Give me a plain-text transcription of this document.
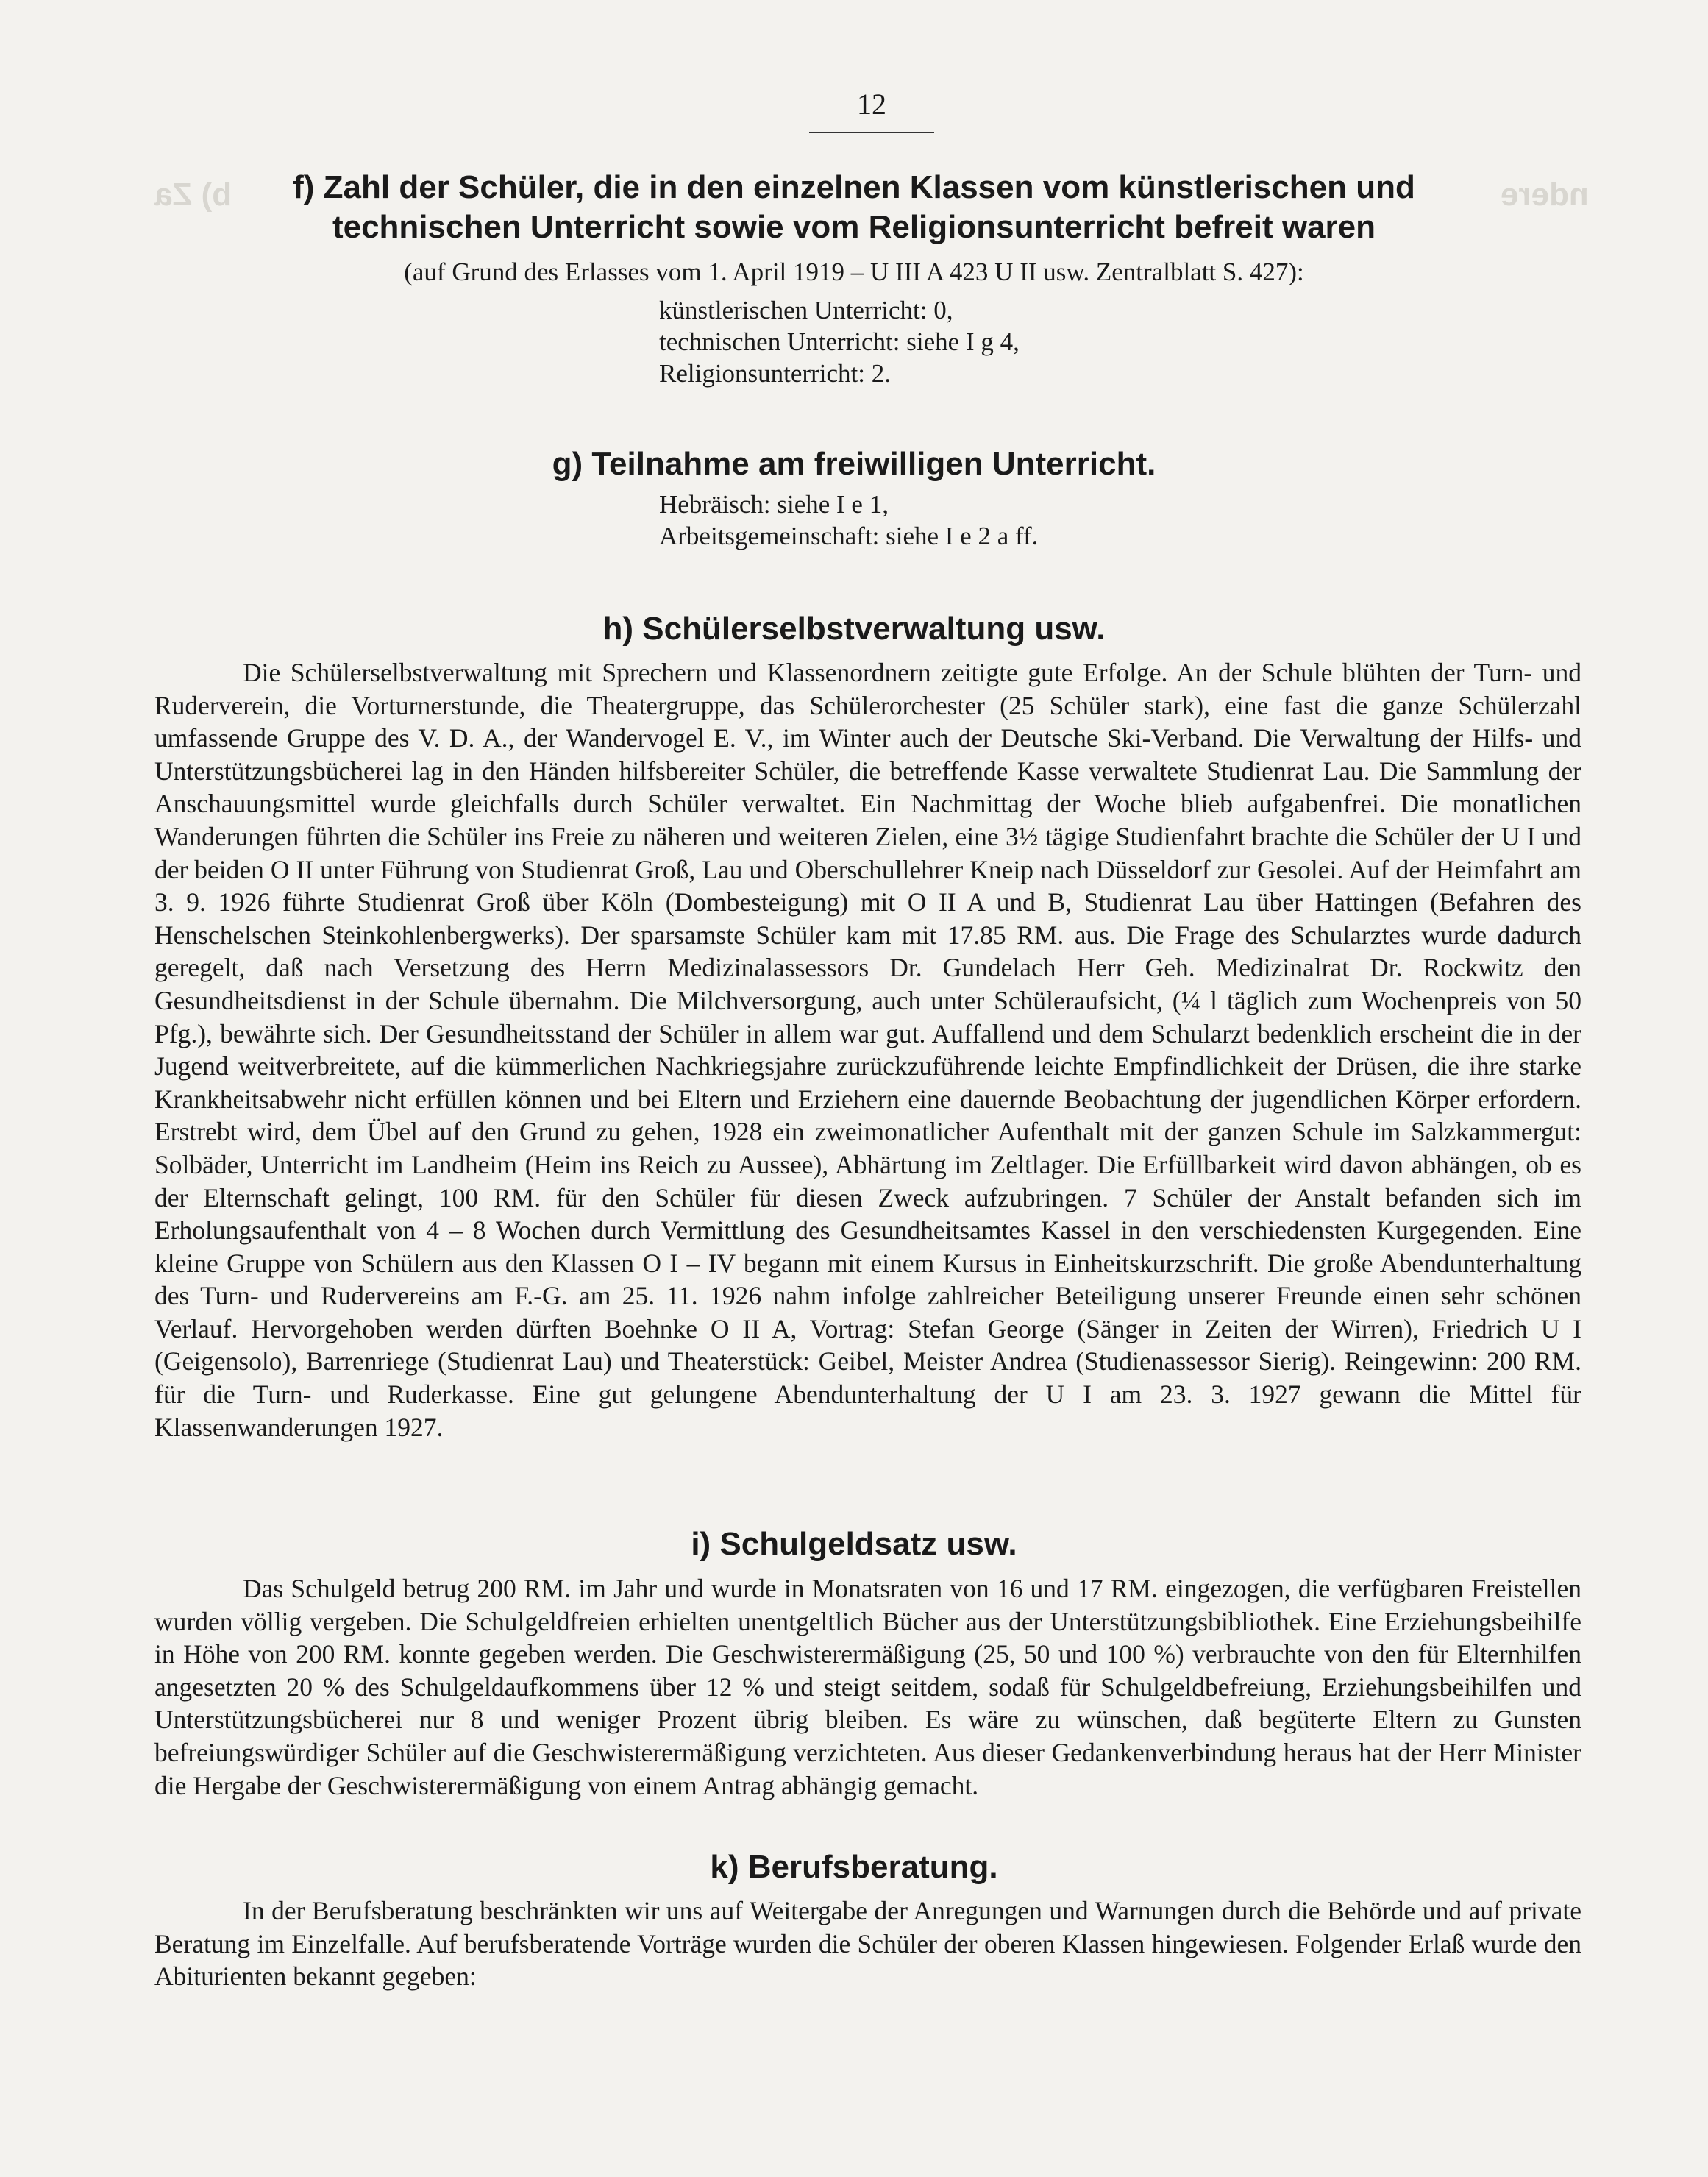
b) Za	ndere
12
f) Zahl der Schüler, die in den einzelnen Klassen vom künstlerischen und
technischen Unterricht sowie vom Religionsunterricht befreit waren
(auf Grund des Erlasses vom 1. April 1919 – U III A 423 U II usw. Zentralblatt S. 427):
künstlerischen Unterricht: 0,
technischen Unterricht: siehe I g 4,
Religionsunterricht: 2.
g) Teilnahme am freiwilligen Unterricht.
Hebräisch: siehe I e 1,
Arbeitsgemeinschaft: siehe I e 2 a ff.
h) Schülerselbstverwaltung usw.

Die Schülerselbstverwaltung mit Sprechern und Klassenordnern zeitigte gute Erfolge. An der Schule blühten der Turn- und Ruderverein, die Vorturnerstunde, die Theatergruppe, das Schülerorchester (25 Schüler stark), eine fast die ganze Schülerzahl umfassende Gruppe des V. D. A., der Wandervogel E. V., im Winter auch der Deutsche Ski-Verband. Die Verwaltung der Hilfs- und Unterstützungsbücherei lag in den Händen hilfsbereiter Schüler, die betreffende Kasse verwaltete Studienrat Lau. Die Sammlung der Anschauungsmittel wurde gleichfalls durch Schüler verwaltet. Ein Nachmittag der Woche blieb aufgabenfrei. Die monatlichen Wanderungen führten die Schüler ins Freie zu näheren und weiteren Zielen, eine 3½ tägige Studienfahrt brachte die Schüler der U I und der beiden O II unter Führung von Studienrat Groß, Lau und Oberschullehrer Kneip nach Düsseldorf zur Gesolei. Auf der Heimfahrt am 3. 9. 1926 führte Studienrat Groß über Köln (Dombesteigung) mit O II A und B, Studienrat Lau über Hattingen (Befahren des Henschelschen Steinkohlenbergwerks). Der sparsamste Schüler kam mit 17.85 RM. aus. Die Frage des Schularztes wurde dadurch geregelt, daß nach Versetzung des Herrn Medizinalassessors Dr. Gundelach Herr Geh. Medizinalrat Dr. Rockwitz den Gesundheitsdienst in der Schule übernahm. Die Milchversorgung, auch unter Schüleraufsicht, (¼ l täglich zum Wochenpreis von 50 Pfg.), bewährte sich. Der Gesundheitsstand der Schüler in allem war gut. Auffallend und dem Schularzt bedenklich erscheint die in der Jugend weitverbreitete, auf die kümmerlichen Nachkriegsjahre zurückzuführende leichte Empfindlichkeit der Drüsen, die ihre starke Krankheitsabwehr nicht erfüllen können und bei Eltern und Erziehern eine dauernde Beobachtung der jugendlichen Körper erfordern. Erstrebt wird, dem Übel auf den Grund zu gehen, 1928 ein zweimonatlicher Aufenthalt mit der ganzen Schule im Salzkammergut: Solbäder, Unterricht im Landheim (Heim ins Reich zu Aussee), Abhärtung im Zeltlager. Die Erfüllbarkeit wird davon abhängen, ob es der Elternschaft gelingt, 100 RM. für den Schüler für diesen Zweck aufzubringen. 7 Schüler der Anstalt befanden sich im Erholungsaufenthalt von 4 – 8 Wochen durch Vermittlung des Gesundheitsamtes Kassel in den verschiedensten Kurgegenden. Eine kleine Gruppe von Schülern aus den Klassen O I – IV begann mit einem Kursus in Einheitskurzschrift. Die große Abendunterhaltung des Turn- und Rudervereins am F.-G. am 25. 11. 1926 nahm infolge zahlreicher Beteiligung unserer Freunde einen sehr schönen Verlauf. Hervorgehoben werden dürften Boehnke O II A, Vortrag: Stefan George (Sänger in Zeiten der Wirren), Friedrich U I (Geigensolo), Barrenriege (Studienrat Lau) und Theaterstück: Geibel, Meister Andrea (Studienassessor Sierig). Reingewinn: 200 RM. für die Turn- und Ruderkasse. Eine gut gelungene Abendunterhaltung der U I am 23. 3. 1927 gewann die Mittel für Klassenwanderungen 1927.

i) Schulgeldsatz usw.

Das Schulgeld betrug 200 RM. im Jahr und wurde in Monatsraten von 16 und 17 RM. eingezogen, die verfügbaren Freistellen wurden völlig vergeben. Die Schulgeldfreien erhielten unentgeltlich Bücher aus der Unterstützungsbibliothek. Eine Erziehungsbeihilfe in Höhe von 200 RM. konnte gegeben werden. Die Geschwisterermäßigung (25, 50 und 100 %) verbrauchte von den für Elternhilfen angesetzten 20 % des Schulgeldaufkommens über 12 % und steigt seitdem, sodaß für Schulgeldbefreiung, Erziehungsbeihilfen und Unterstützungsbücherei nur 8 und weniger Prozent übrig bleiben. Es wäre zu wünschen, daß begüterte Eltern zu Gunsten befreiungswürdiger Schüler auf die Geschwisterermäßigung verzichteten. Aus dieser Gedankenverbindung heraus hat der Herr Minister die Hergabe der Geschwisterermäßigung von einem Antrag abhängig gemacht.

k) Berufsberatung.

In der Berufsberatung beschränkten wir uns auf Weitergabe der Anregungen und Warnungen durch die Behörde und auf private Beratung im Einzelfalle. Auf berufsberatende Vorträge wurden die Schüler der oberen Klassen hingewiesen. Folgender Erlaß wurde den Abiturienten bekannt gegeben:
